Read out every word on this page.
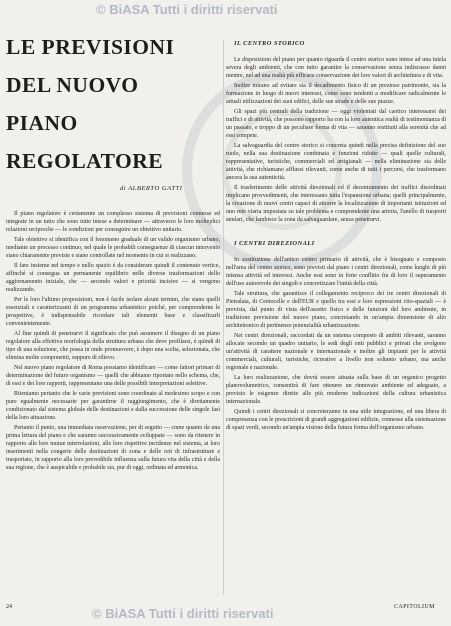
© BiASA Tutti i diritti riservati
LE PREVISIONI
DEL NUOVO
PIANO
REGOLATORE
di ALBERTO GATTI

Il piano regolatore è certamente un complesso sistema di previsioni connesse ed integrate in un tutto che sono tutte intese a determinare — attraverso le loro molteplici relazioni reciproche — le condizioni per conseguire un obiettivo unitario.

Tale obiettivo si identifica con il fenomeno graduale di un valido organismo urbano, mediante un processo continuo, nel quale le probabili conseguenze di ciascun intervento siano chiaramente previste e siano controllate nel momento in cui si realizzano.

Il fare insieme nel tempo e nello spazio è da considerare quindi il contenuto vertice, affinché si consegua un permanente equilibrio nelle diverse trasformazioni dello aggiornamento iniziale, che — secondo valori e priorità incisive — si vengono realizzando.

Per le loro l'ultimo proposizioni, non è facile isolare alcuni termini, che siano quelli essenziali e caratterizzanti di un programma urbanistico poiché, per comprenderne le prospettive, è indispensabile ricordare tali elementi base e classificarli convenientemente.

Al fine quindi di penetrarvi il significato che può assumere il disegno di un piano regolatore alla effettiva morfologia della struttura urbana che deve profilarsi, è quindi di tipo di una soluzione, che possa in onde promuovere, è dopo una scelta, selezionata, che elimina molte componenti, seppure di rilievo.

Nel nuovo piano regolatore di Roma possiamo identificare — come fattori primari di determinazione del futuro organismo — quelli che abbiamo riportato nello schema, che, di essi e dei loro rapporti, rappresentano una delle possibili interpretazioni selettive.

Riteniamo pertanto che le varie previsioni sono coordinate al medesimo scopo e con pure egualmente necessarie per garantirne il raggiungimento, che è direttamente condizionato dal sistema globale delle destinazioni e dalla successione delle singole fasi della loro attuazione.

Pertanto il punto, una immediata osservazione, per di seguito — come quanto da una prima lettura del piano e che saranno successivamente sviluppate — sono da ritenere in rapporto alle loro mutue interrelazioni, alle loro rispettive incidenze nel sistema, ai loro inserimenti nella congerie delle destinazioni di zona e delle reti di infrastrutture e trasportato, in rapporto alla loro prevedibile influenza sulla futura vita della città e della sua regione, che è auspicabile e probabile sia, pur di oggi, ordinata ed armonica.

IL CENTRO STORICO

Le disposizioni del piano per quanto riguarda il centro storico sono intese ad una tutela severa degli ambienti, che con tutto garantire la conservazione senza indiscusso danni mentre, nel ad una realtà più efficace conservazione dei loro valori di architettura e di vita.

Inoltre mirano ad evitare sia il decadimento fisico di un prezioso patrimonio, sia la formazione in luogo di nuovi interessi, come sono tendenti a modificare radicalmente le attuali utilizzazioni dei suoi edifici, delle sue strade e delle sue piazze.

Gli spazi più centrali della tradizione — oggi violentati dal caotico interessarsi dei traffici e di attività, che possono rapporto ha con la loro autentica realtà di testimonianza di un passato, e troppo di un peculiare forma di vita — saranno restituiti alla serenità che ad essi compete.

La salvaguardia del centro storico si concreta quindi nella precisa definizione del suo ruolo, nella sua destinazione combinata e funzioni ridotte — quali quelle culturali, rappresentative, turistiche, commerciali ed artigianali — nella eliminazione sia delle attività, che richiamano afflussi rilevanti, come anche di tutti i percorsi, che trasformano ancora la sua autenticità.

Il trasferimento delle attività direzionali ed il decentramento dei traffici disordinati implicano provvedimenti, che interessano tutta l'espansione urbana; quelli principalmente, la creazione di nuovi centri capaci di attrarre la localizzazione di importanti istituzioni ed uno rete viaria impostata su tale problema e comprendente una arteria, l'anello di trasporti anulari, che lambisce la zona da salvaguardare, senza penetrarvi.

I CENTRI DIREZIONALI

In sostituzione dell'antico centro primario di attività, che è bisognato e composto nell'area del centro storico, sono previsti dal piano i centri direzionali, come luoghi di più intensa attività ed interessi. Anche essi sono in forte conflitto fra di loro il superamento dell'uso autorevole dei singoli e concretizzare l'unità della città.

Tale struttura, che garantisce il collegamento reciproco dei tre centri direzionali di Pietralata, di Centocelle e dell'EUR e quello tra essi e loro espressioni cito-spaziali — è prevista, dal punto di vista dell'assetto fisico e delle funzioni del loro ambiente, in tradizione previsione del nuovo piano, concretando in un'ampia dimensione di alto architettonico di pertinenze potenzialità urbanizzazione.

Nei centri direzionali, raccordati da un sistema composto di ambiti rilevanti, saranno allocate secondo un quadro unitario, le sedi degli enti pubblici e privati che svolgono un'attività di carattere nazionale e internazionale e inoltre gli impianti per le attività commerciali, culturali, turistiche, ricreative a livello non soltanto urbano, ma anche regionale e nazionale.

La loro realizzazione, che dovrà essere attuata sulla base di un organico progetto planovolumetrico, consentirà di fare ottenere un rinnovato ambiente ed adeguato, a previsto le esigenze dirette alle più moderne indicazioni della cultura urbanistica internazionale.

Quindi i centri direzionali si concreteranno in una utile integrazione, ed una libera di compresenza con le prescrizioni di grandi aggregazioni edilizie, connesse alla sistemazione di spazi verdi, secondo un'ampia visione della futura forma dell'organismo urbano.

24	CAPITOLIUM
© BiASA Tutti i diritti riservati
